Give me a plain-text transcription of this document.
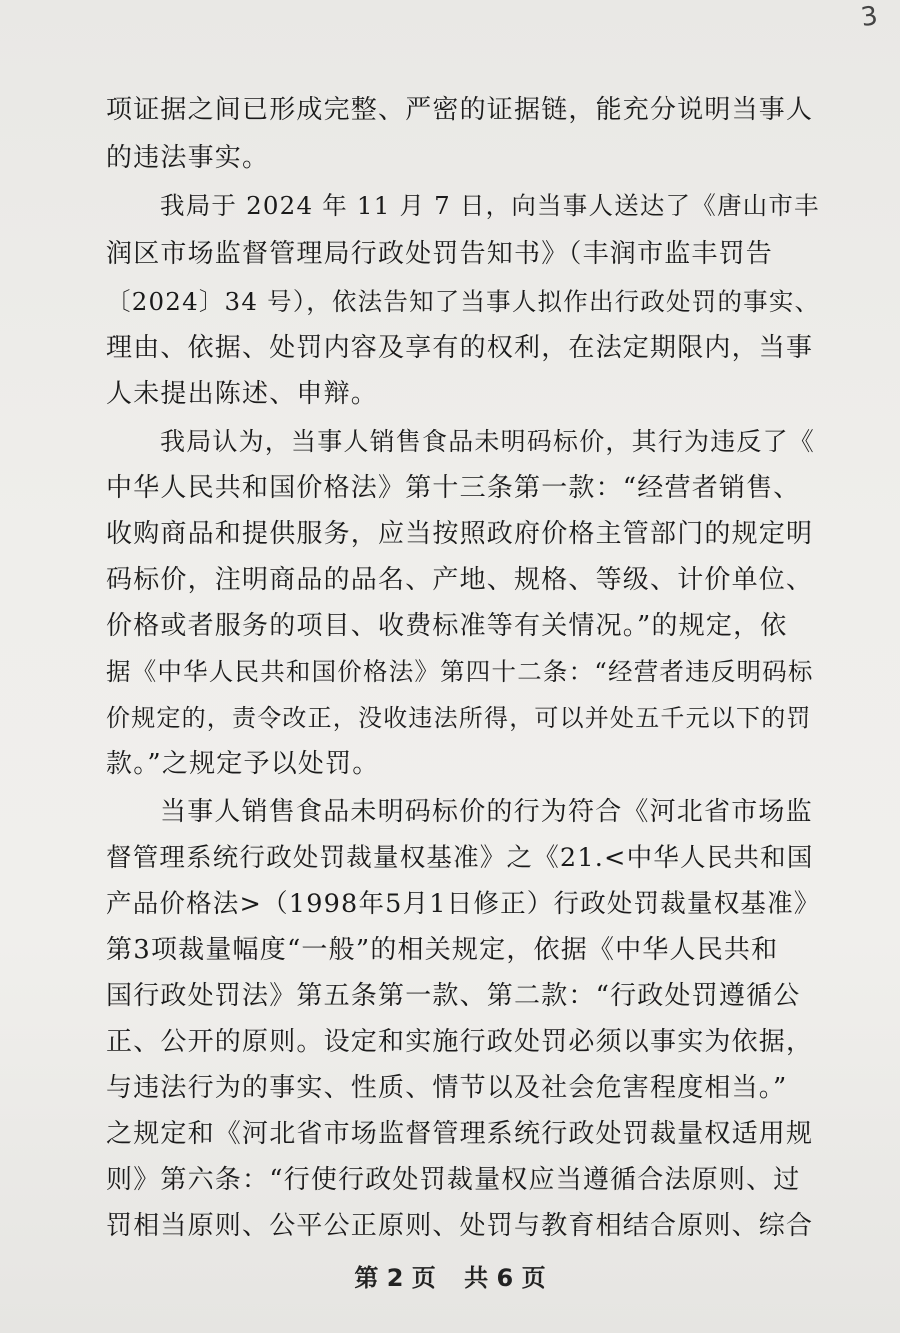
3
项证据之间已形成完整、严密的证据链，能充分说明当事人
的违法事实。
我局于 2024 年 11 月 7 日，向当事人送达了《唐山市丰
润区市场监督管理局行政处罚告知书》（丰润市监丰罚告
〔2024〕34 号），依法告知了当事人拟作出行政处罚的事实、
理由、依据、处罚内容及享有的权利，在法定期限内，当事
人未提出陈述、申辩。
我局认为，当事人销售食品未明码标价，其行为违反了《
中华人民共和国价格法》第十三条第一款：“经营者销售、
收购商品和提供服务，应当按照政府价格主管部门的规定明
码标价，注明商品的品名、产地、规格、等级、计价单位、
价格或者服务的项目、收费标准等有关情况。”的规定，依
据《中华人民共和国价格法》第四十二条：“经营者违反明码标
价规定的，责令改正，没收违法所得，可以并处五千元以下的罚
款。”之规定予以处罚。
当事人销售食品未明码标价的行为符合《河北省市场监
督管理系统行政处罚裁量权基准》之《21.<中华人民共和国
产品价格法>（1998年5月1日修正）行政处罚裁量权基准》
第3项裁量幅度“一般”的相关规定，依据《中华人民共和
国行政处罚法》第五条第一款、第二款：“行政处罚遵循公
正、公开的原则。设定和实施行政处罚必须以事实为依据，
与违法行为的事实、性质、情节以及社会危害程度相当。”
之规定和《河北省市场监督管理系统行政处罚裁量权适用规
则》第六条：“行使行政处罚裁量权应当遵循合法原则、过
罚相当原则、公平公正原则、处罚与教育相结合原则、综合
第 2 页 共 6 页
